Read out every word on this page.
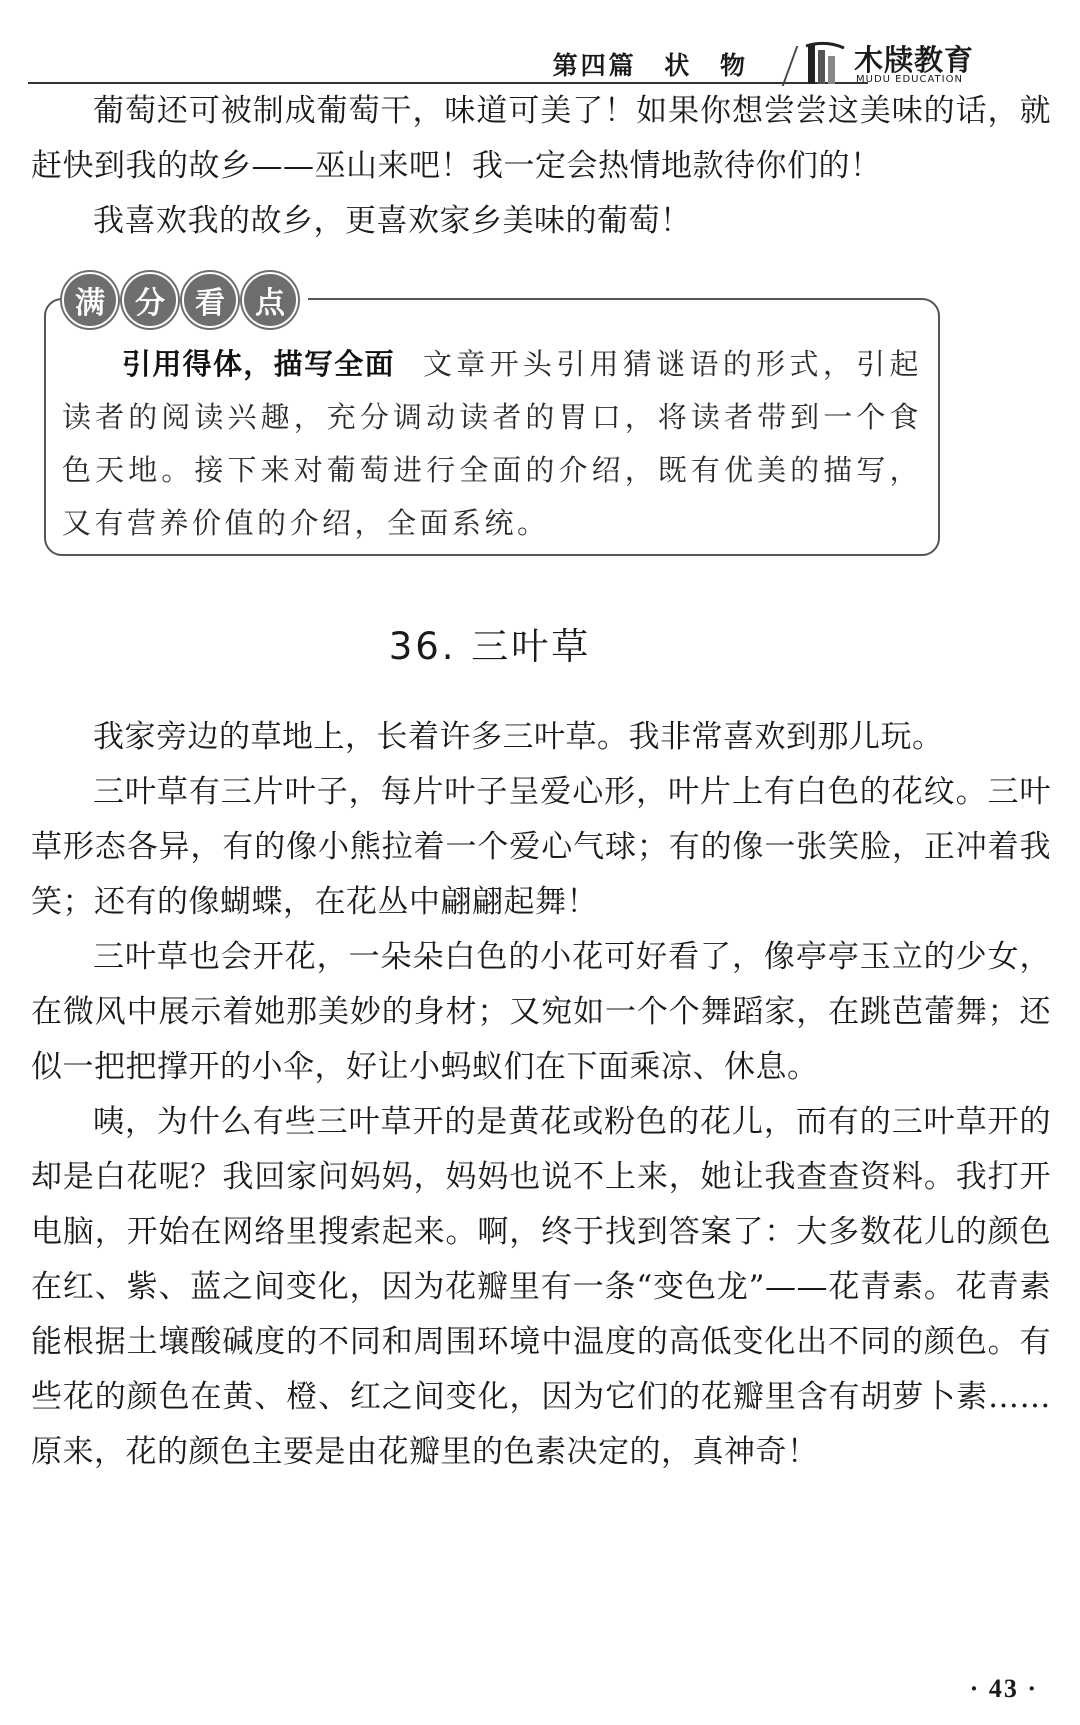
第四篇 状 物	木牍教育
MUDU EDUCATION

葡萄还可被制成葡萄干，味道可美了！如果你想尝尝这美味的话，就赶快到我的故乡——巫山来吧！我一定会热情地款待你们的！

我喜欢我的故乡，更喜欢家乡美味的葡萄！

满	分	看	点

引用得体，描写全面 文章开头引用猜谜语的形式，引起读者的阅读兴趣，充分调动读者的胃口，将读者带到一个食色天地。接下来对葡萄进行全面的介绍，既有优美的描写，又有营养价值的介绍，全面系统。

36. 三叶草

我家旁边的草地上，长着许多三叶草。我非常喜欢到那儿玩。

三叶草有三片叶子，每片叶子呈爱心形，叶片上有白色的花纹。三叶草形态各异，有的像小熊拉着一个爱心气球；有的像一张笑脸，正冲着我笑；还有的像蝴蝶，在花丛中翩翩起舞！

三叶草也会开花，一朵朵白色的小花可好看了，像亭亭玉立的少女，在微风中展示着她那美妙的身材；又宛如一个个舞蹈家，在跳芭蕾舞；还似一把把撑开的小伞，好让小蚂蚁们在下面乘凉、休息。

咦，为什么有些三叶草开的是黄花或粉色的花儿，而有的三叶草开的却是白花呢？我回家问妈妈，妈妈也说不上来，她让我查查资料。我打开电脑，开始在网络里搜索起来。啊，终于找到答案了：大多数花儿的颜色在红、紫、蓝之间变化，因为花瓣里有一条“变色龙”——花青素。花青素能根据土壤酸碱度的不同和周围环境中温度的高低变化出不同的颜色。有些花的颜色在黄、橙、红之间变化，因为它们的花瓣里含有胡萝卜素……原来，花的颜色主要是由花瓣里的色素决定的，真神奇！

· 43 ·
